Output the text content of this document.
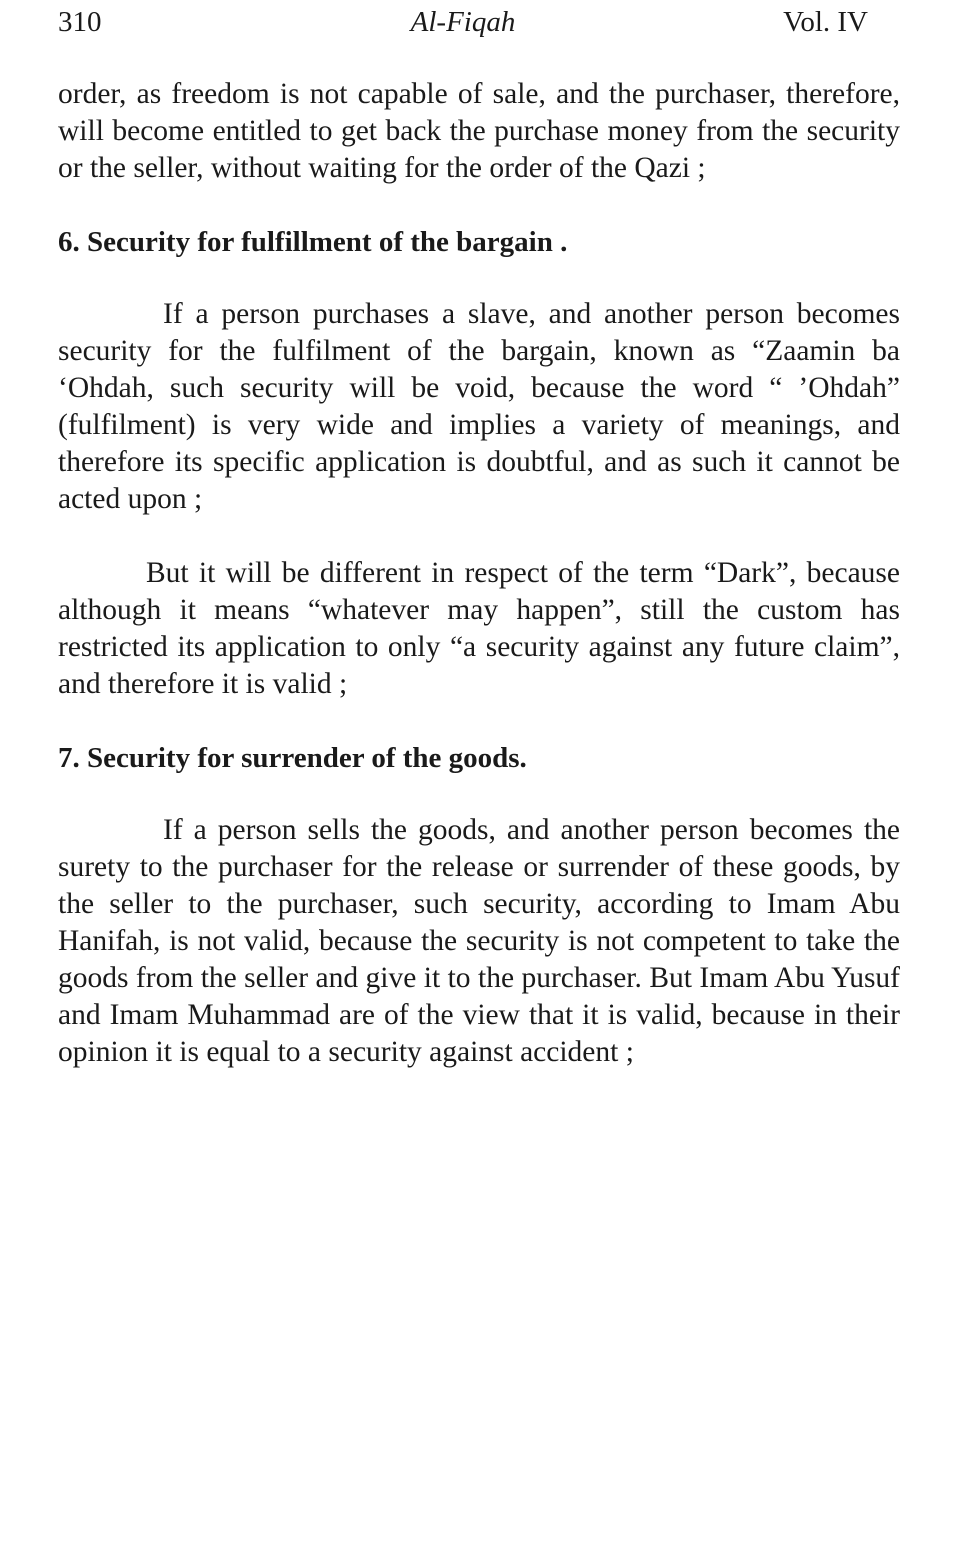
310	Al-Fiqah	Vol. IV

order, as freedom is not capable of sale, and the purchaser, therefore, will become entitled to get back the purchase money from the security or the seller, without waiting for the order of the Qazi ;

6. Security for fulfillment of the bargain .

If a person purchases a slave, and another person becomes security for the fulfilment of the bargain, known as “Zaamin ba ‘Ohdah, such security will be void, because the word “ ’Ohdah” (fulfilment) is very wide and implies a variety of meanings, and therefore its specific application is doubtful, and as such it cannot be acted upon ;

But it will be different in respect of the term “Dark”, because although it means “whatever may happen”, still the custom has restricted its application to only “a security against any future claim”, and therefore it is valid ;

7. Security for surrender of the goods.

If a person sells the goods, and another person becomes the surety to the purchaser for the release or surrender of these goods, by the seller to the purchaser, such security, according to Imam Abu Hanifah, is not valid, because the security is not competent to take the goods from the seller and give it to the purchaser. But Imam Abu Yusuf and Imam Muhammad are of the view that it is valid, because in their opinion it is equal to a security against accident ;
